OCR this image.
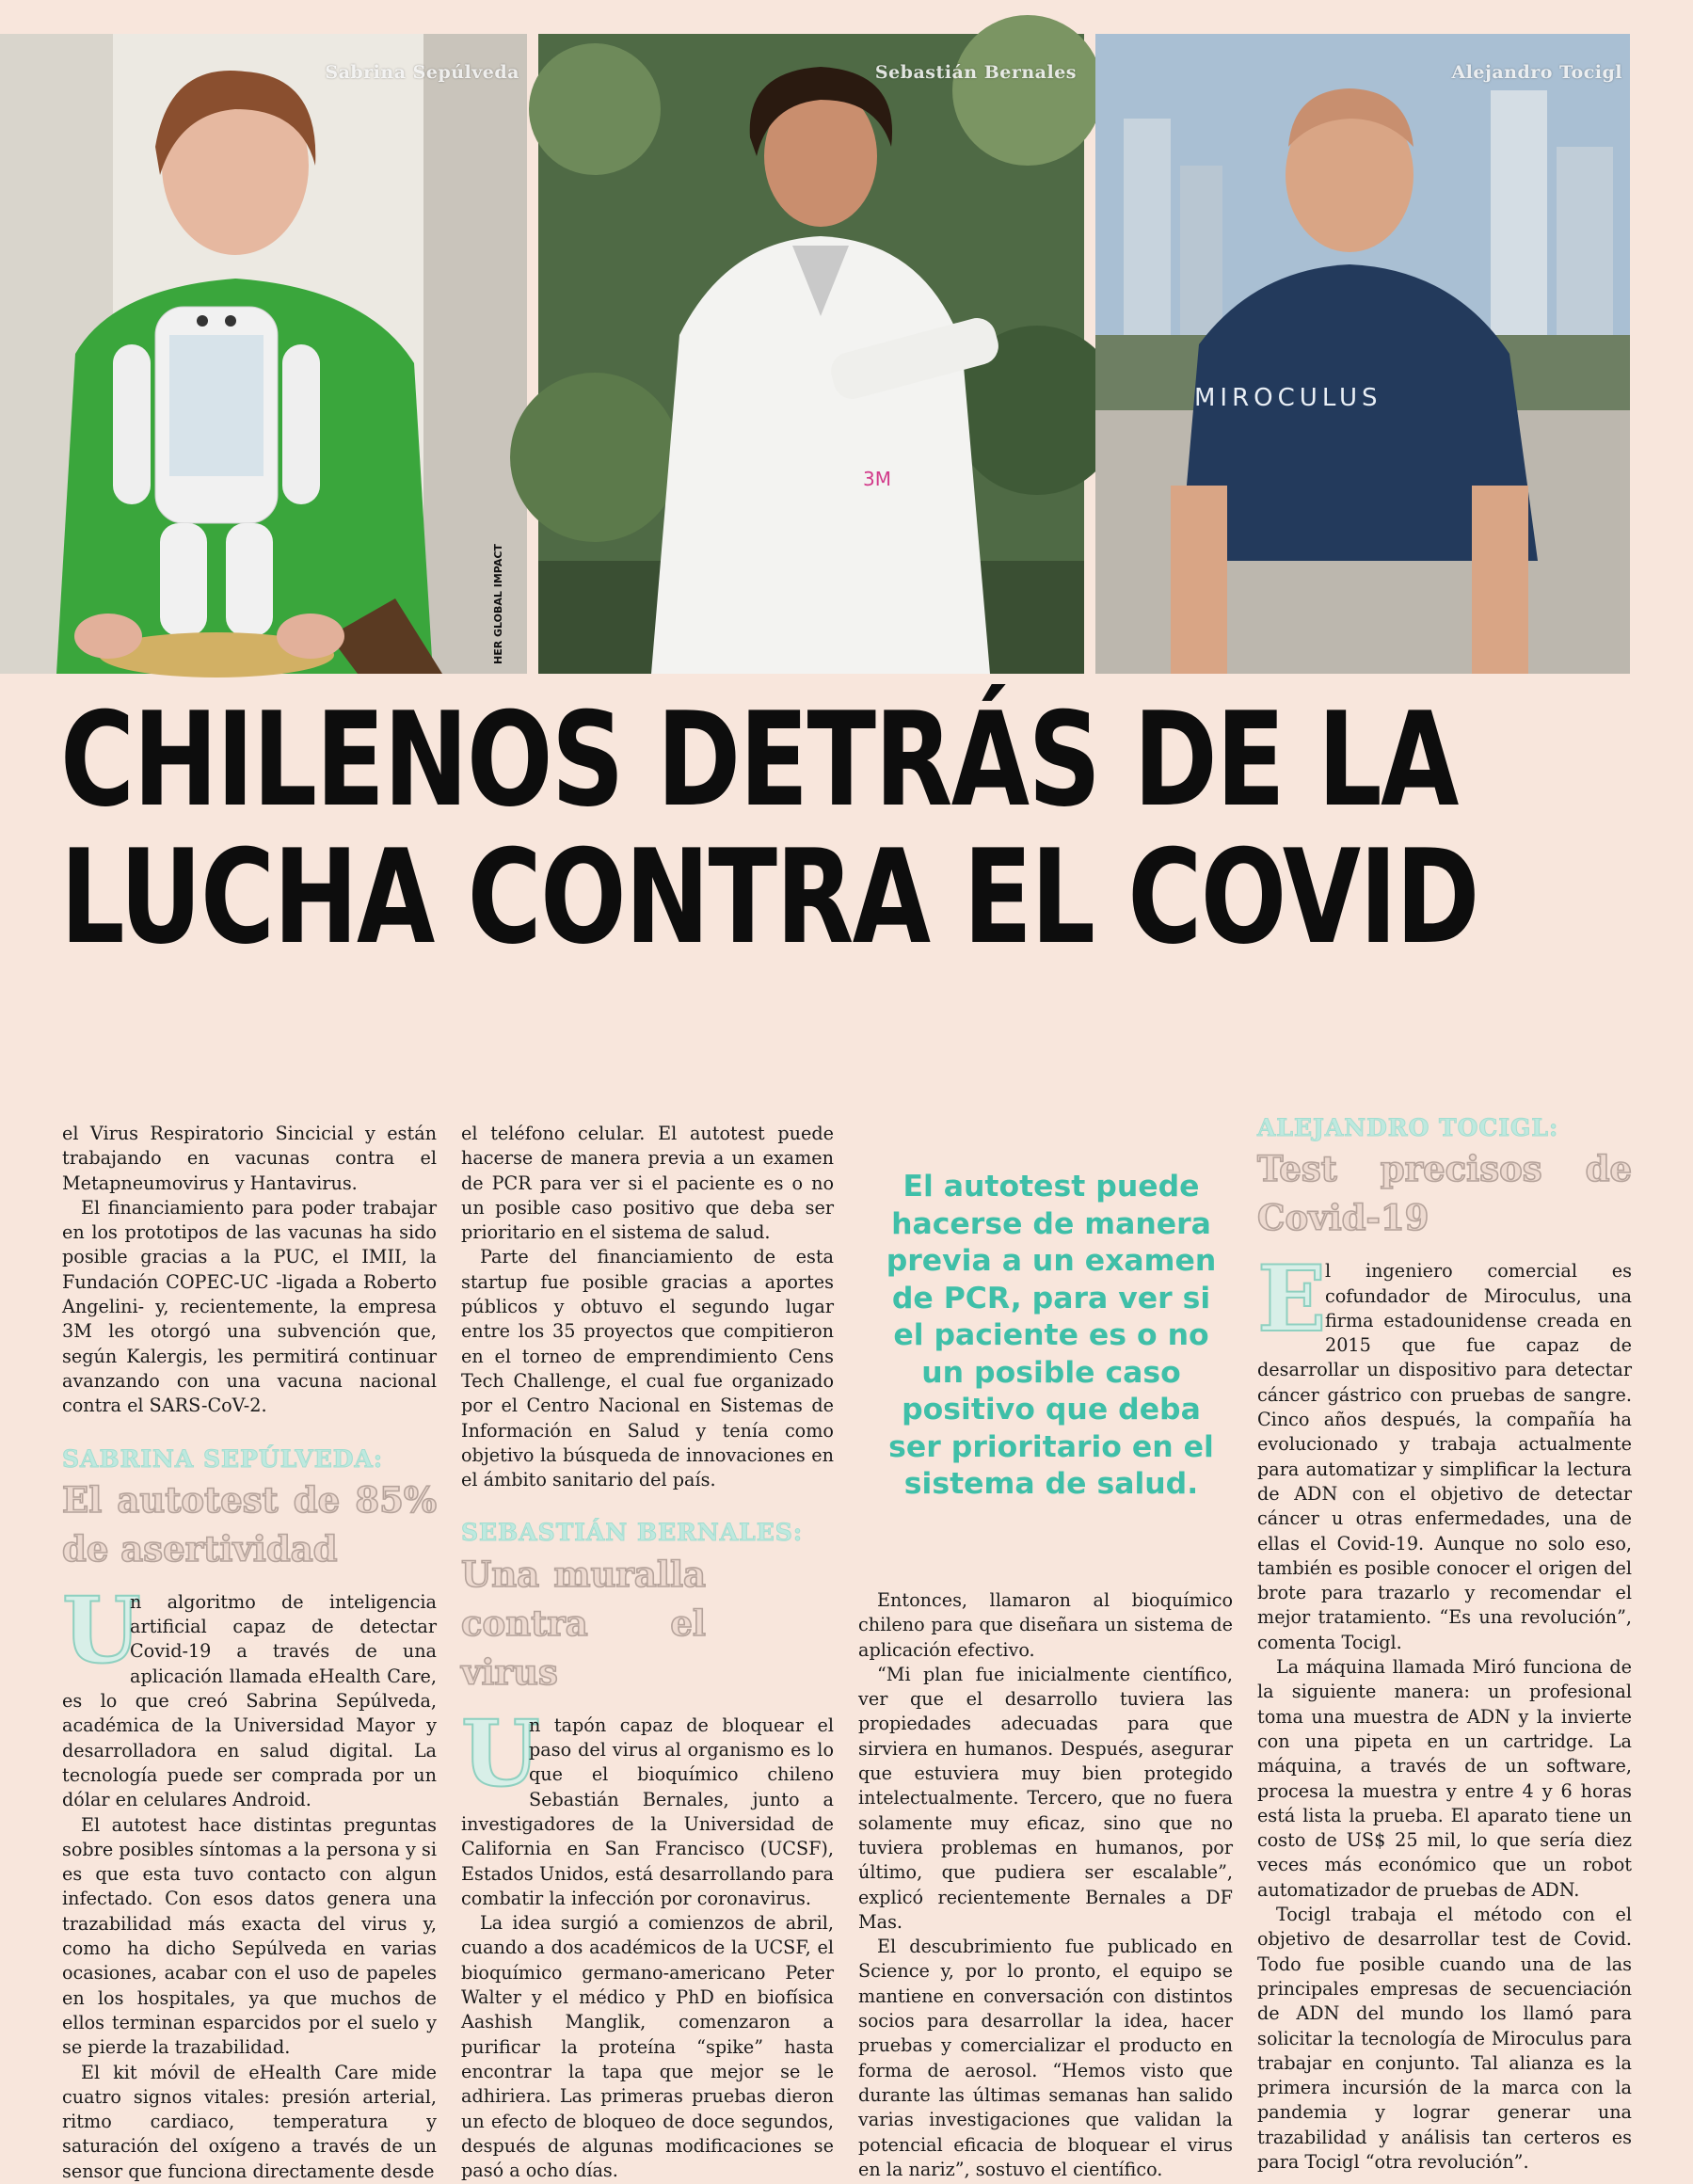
Sabrina Sepúlveda
HER GLOBAL IMPACT
3M
Sebastián Bernales
MIROCULUS
Alejandro Tocigl
CHILENOS DETRÁS DE LA
LUCHA CONTRA EL COVID

el Virus Respiratorio Sincicial y están trabajando en vacunas contra el Metapneumovirus y Hantavirus.

El financiamiento para poder trabajar en los prototipos de las vacunas ha sido posible gracias a la PUC, el IMII, la Fundación COPEC-UC -ligada a Roberto Angelini- y, recientemente, la empresa 3M les otorgó una subvención que, según Kalergis, les permitirá continuar avanzando con una vacuna nacional contra el SARS-CoV-2.

SABRINA SEPÚLVEDA:
El autotest de 85% de asertividad

U
n algoritmo de inteligencia artificial capaz de detectar Covid-19 a través de una aplicación llamada eHealth Care, es lo que creó Sabrina Sepúlveda, académica de la Universidad Mayor y desarrolladora en salud digital. La tecnología puede ser comprada por un dólar en celulares Android.

El autotest hace distintas preguntas sobre posibles síntomas a la persona y si es que esta tuvo contacto con algun infectado. Con esos datos genera una trazabilidad más exacta del virus y, como ha dicho Sepúlveda en varias ocasiones, acabar con el uso de papeles en los hospitales, ya que muchos de ellos terminan esparcidos por el suelo y se pierde la trazabilidad.

El kit móvil de eHealth Care mide cuatro signos vitales: presión arterial, ritmo cardiaco, temperatura y saturación del oxígeno a través de un sensor que funciona directamente desde

el teléfono celular. El autotest puede hacerse de manera previa a un examen de PCR para ver si el paciente es o no un posible caso positivo que deba ser prioritario en el sistema de salud.

Parte del financiamiento de esta startup fue posible gracias a aportes públicos y obtuvo el segundo lugar entre los 35 proyectos que compitieron en el torneo de emprendimiento Cens Tech Challenge, el cual fue organizado por el Centro Nacional en Sistemas de Información en Salud y tenía como objetivo la búsqueda de innovaciones en el ámbito sanitario del país.

SEBASTIÁN BERNALES:
Una muralla contra el virus

U
n tapón capaz de bloquear el paso del virus al organismo es lo que el bioquímico chileno Sebastián Bernales, junto a investigadores de la Universidad de California en San Francisco (UCSF), Estados Unidos, está desarrollando para combatir la infección por coronavirus.

La idea surgió a comienzos de abril, cuando a dos académicos de la UCSF, el bioquímico germano-americano Peter Walter y el médico y PhD en biofísica Aashish Manglik, comenzaron a purificar la proteína “spike” hasta encontrar la tapa que mejor se le adhiriera. Las primeras pruebas dieron un efecto de bloqueo de doce segundos, después de algunas modificaciones se pasó a ocho días.

El autotest puede hacerse de manera previa a un examen de PCR, para ver si el paciente es o no un posible caso positivo que deba ser prioritario en el sistema de salud.

Entonces, llamaron al bioquímico chileno para que diseñara un sistema de aplicación efectivo.

“Mi plan fue inicialmente científico, ver que el desarrollo tuviera las propiedades adecuadas para que sirviera en humanos. Después, asegurar que estuviera muy bien protegido intelectualmente. Tercero, que no fuera solamente muy eficaz, sino que no tuviera problemas en humanos, por último, que pudiera ser escalable”, explicó recientemente Bernales a DF Mas.

El descubrimiento fue publicado en Science y, por lo pronto, el equipo se mantiene en conversación con distintos socios para desarrollar la idea, hacer pruebas y comercializar el producto en forma de aerosol. “Hemos visto que durante las últimas semanas han salido varias investigaciones que validan la potencial eficacia de bloquear el virus en la nariz”, sostuvo el científico.

ALEJANDRO TOCIGL:
Test precisos de Covid-19

E
l ingeniero comercial es cofundador de Miroculus, una firma estadounidense creada en 2015 que fue capaz de desarrollar un dispositivo para detectar cáncer gástrico con pruebas de sangre. Cinco años después, la compañía ha evolucionado y trabaja actualmente para automatizar y simplificar la lectura de ADN con el objetivo de detectar cáncer u otras enfermedades, una de ellas el Covid-19. Aunque no solo eso, también es posible conocer el origen del brote para trazarlo y recomendar el mejor tratamiento. “Es una revolución”, comenta Tocigl.

La máquina llamada Miró funciona de la siguiente manera: un profesional toma una muestra de ADN y la invierte con una pipeta en un cartridge. La máquina, a través de un software, procesa la muestra y entre 4 y 6 horas está lista la prueba. El aparato tiene un costo de US$ 25 mil, lo que sería diez veces más económico que un robot automatizador de pruebas de ADN.

Tocigl trabaja el método con el objetivo de desarrollar test de Covid. Todo fue posible cuando una de las principales empresas de secuenciación de ADN del mundo los llamó para solicitar la tecnología de Miroculus para trabajar en conjunto. Tal alianza es la primera incursión de la marca con la pandemia y lograr generar una trazabilidad y análisis tan certeros es para Tocigl “otra revolución”.
